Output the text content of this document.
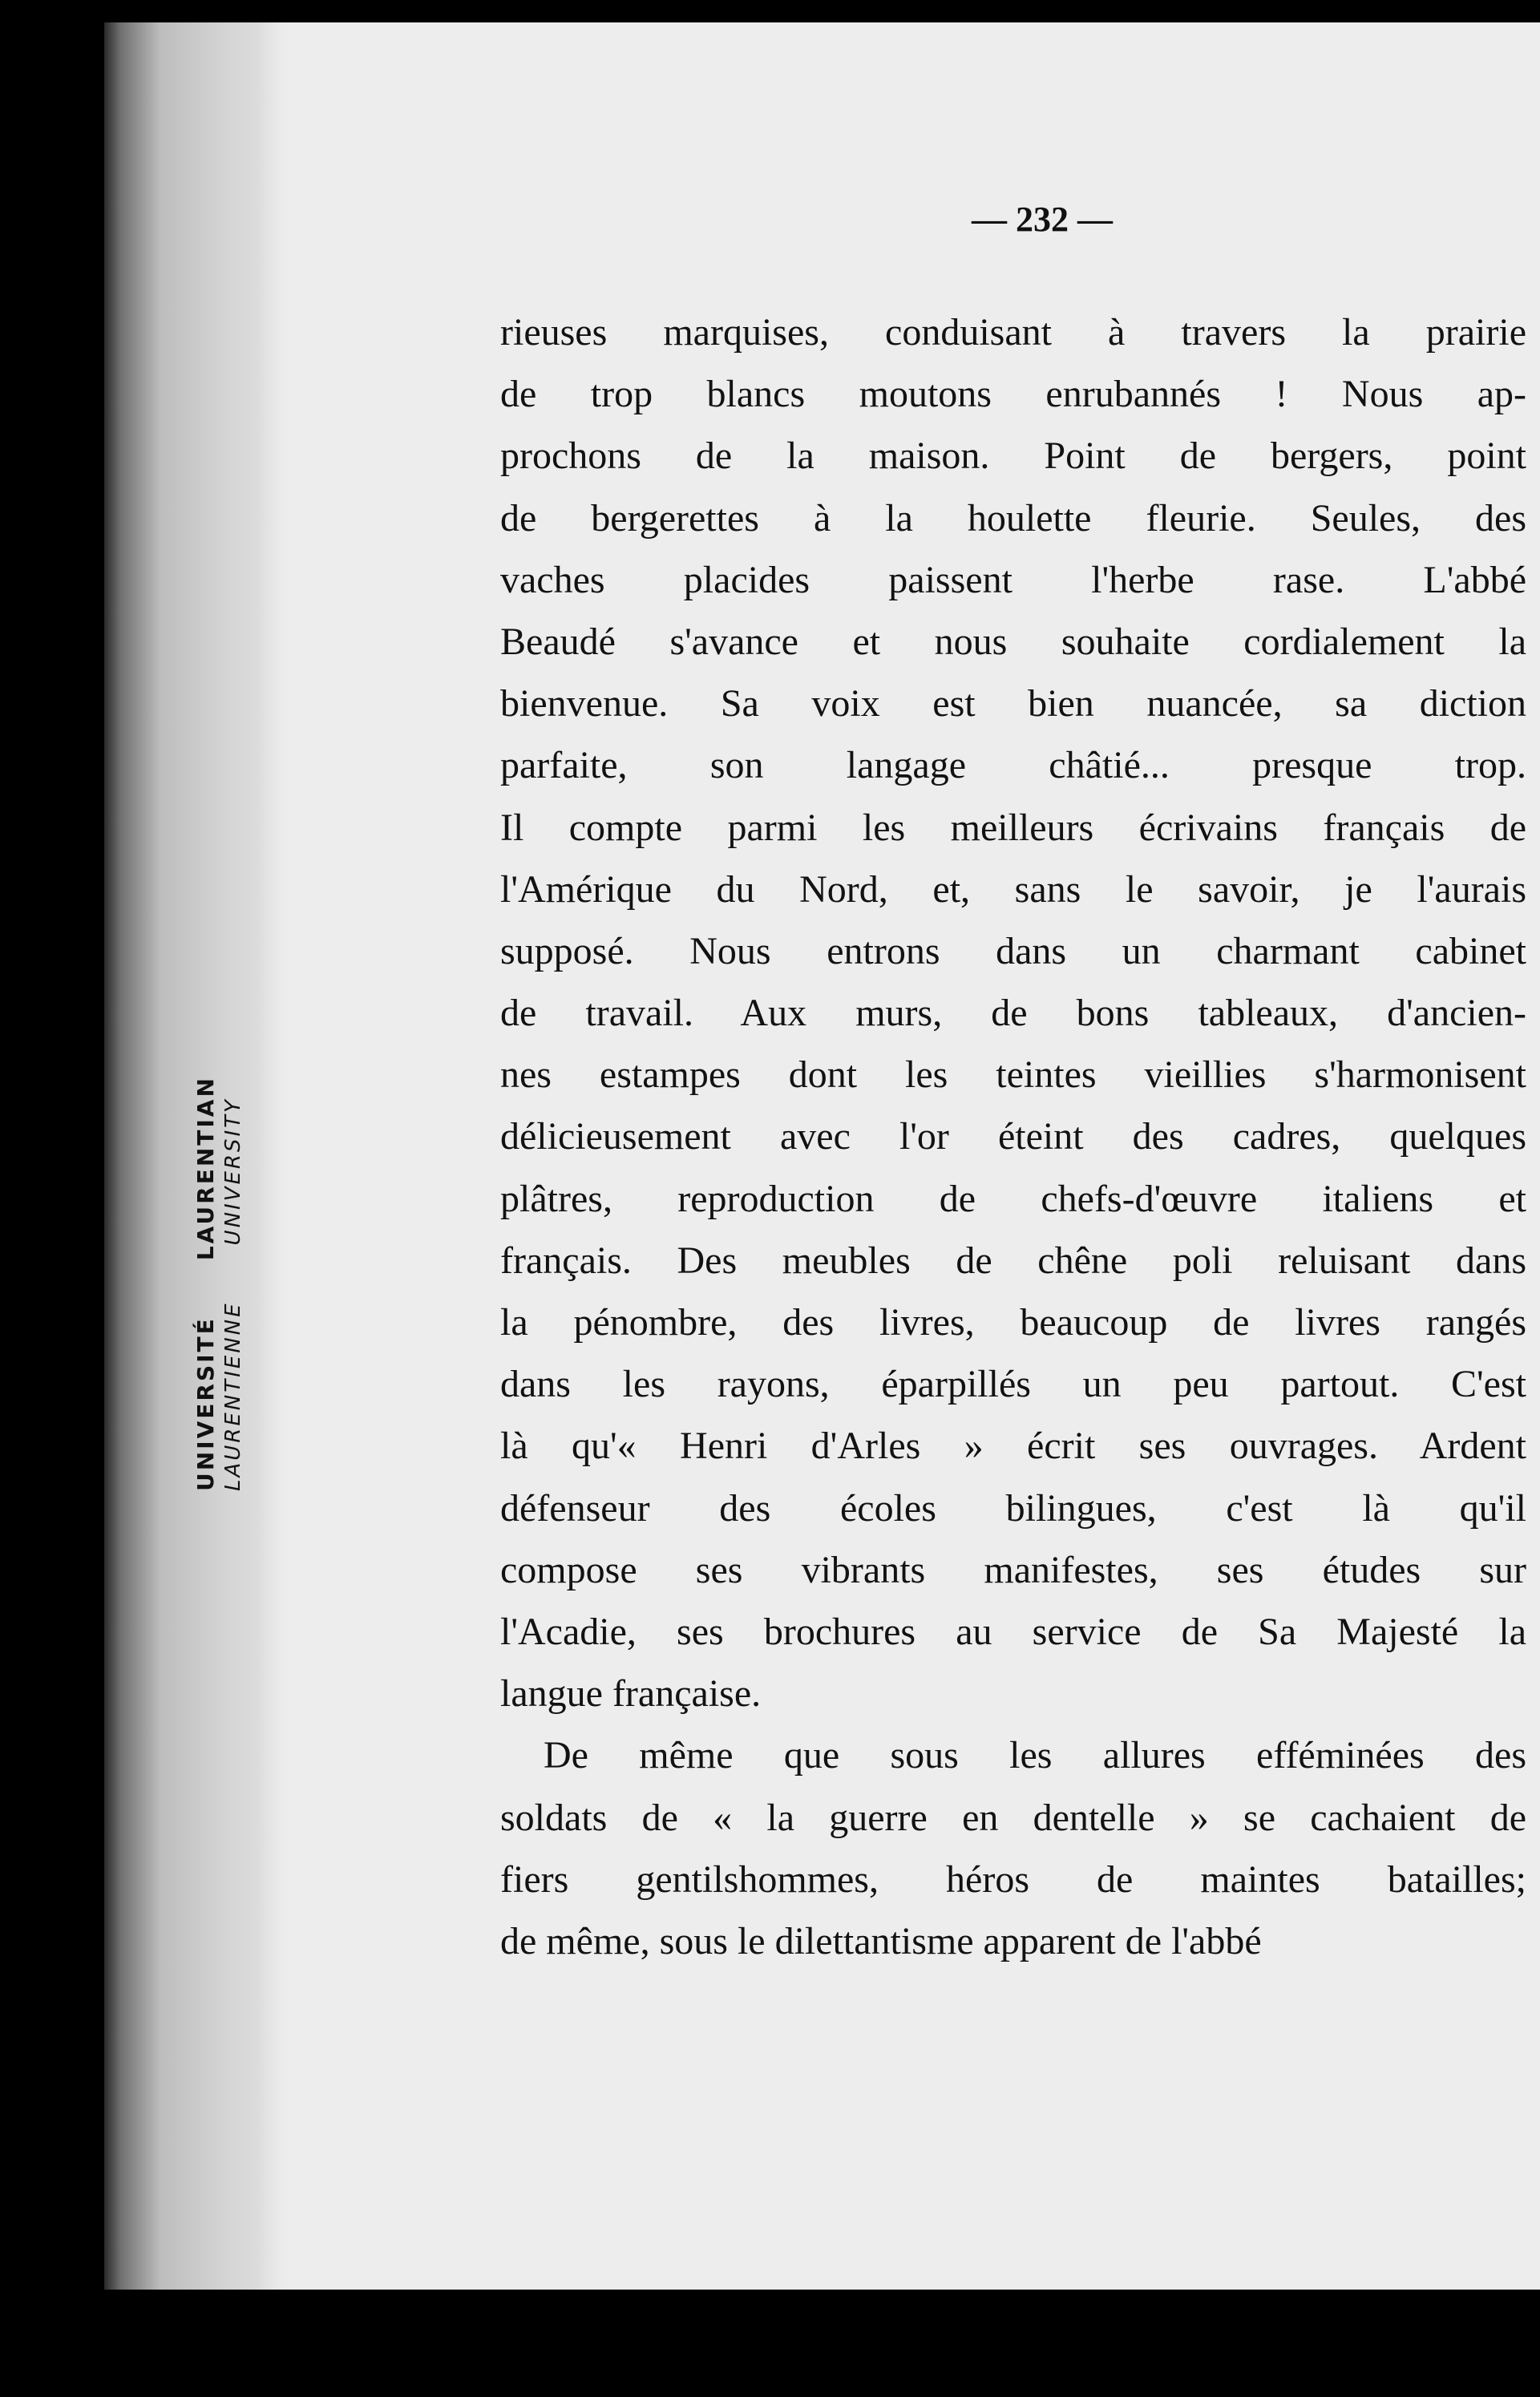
UNIVERSITÉLAURENTIAN
LAURENTIENNEUNIVERSITY
— 232 —
rieuses marquises, conduisant à travers la prairie
de trop blancs moutons enrubannés ! Nous ap-
prochons de la maison. Point de bergers, point
de bergerettes à la houlette fleurie. Seules, des
vaches placides paissent l'herbe rase. L'abbé
Beaudé s'avance et nous souhaite cordialement la
bienvenue. Sa voix est bien nuancée, sa diction
parfaite, son langage châtié... presque trop.
Il compte parmi les meilleurs écrivains français de
l'Amérique du Nord, et, sans le savoir, je l'aurais
supposé. Nous entrons dans un charmant cabinet
de travail. Aux murs, de bons tableaux, d'ancien-
nes estampes dont les teintes vieillies s'harmonisent
délicieusement avec l'or éteint des cadres, quelques
plâtres, reproduction de chefs-d'œuvre italiens et
français. Des meubles de chêne poli reluisant dans
la pénombre, des livres, beaucoup de livres rangés
dans les rayons, éparpillés un peu partout. C'est
là qu'« Henri d'Arles » écrit ses ouvrages. Ardent
défenseur des écoles bilingues, c'est là qu'il
compose ses vibrants manifestes, ses études sur
l'Acadie, ses brochures au service de Sa Majesté la
langue française.
De même que sous les allures efféminées des
soldats de « la guerre en dentelle » se cachaient de
fiers gentilshommes, héros de maintes batailles;
de même, sous le dilettantisme apparent de l'abbé
